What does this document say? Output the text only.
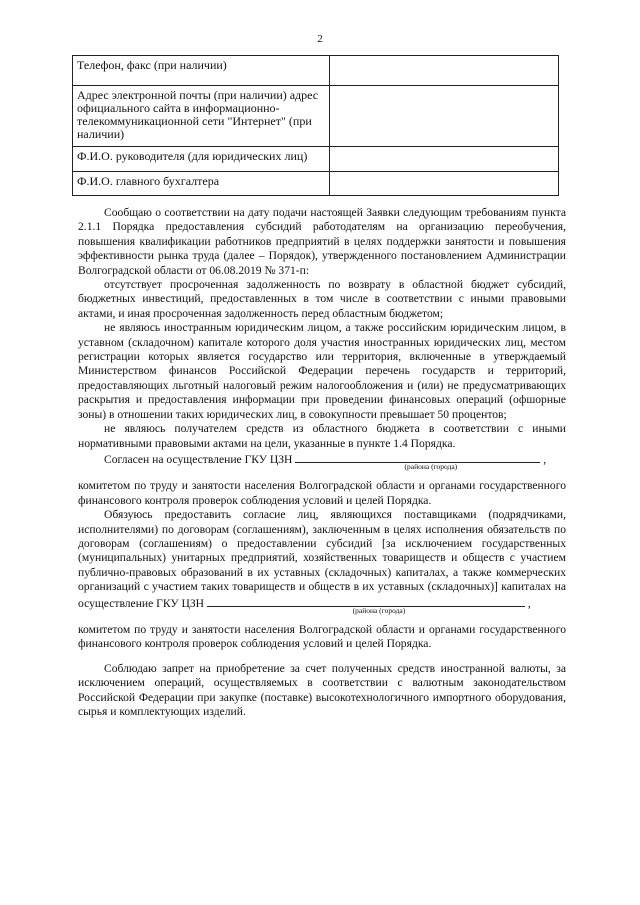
2
Телефон, факс (при наличии)	
Адрес электронной почты (при наличии) адрес официального сайта в информационно-телекоммуникационной сети "Интернет" (при наличии)	
Ф.И.О. руководителя (для юридических лиц)	
Ф.И.О. главного бухгалтера	

Сообщаю о соответствии на дату подачи настоящей Заявки следующим требованиям пункта 2.1.1 Порядка предоставления субсидий работодателям на организацию переобучения, повышения квалификации работников предприятий в целях поддержки занятости и повышения эффективности рынка труда (далее – Порядок), утвержденного постановлением Администрации Волгоградской области от 06.08.2019 № 371-п:

отсутствует просроченная задолженность по возврату в областной бюджет субсидий, бюджетных инвестиций, предоставленных в том числе в соответствии с иными правовыми актами, и иная просроченная задолженность перед областным бюджетом;

не являюсь иностранным юридическим лицом, а также российским юридическим лицом, в уставном (складочном) капитале которого доля участия иностранных юридических лиц, местом регистрации которых является государство или территория, включенные в утверждаемый Министерством финансов Российской Федерации перечень государств и территорий, предоставляющих льготный налоговый режим налогообложения и (или) не предусматривающих раскрытия и предоставления информации при проведении финансовых операций (офшорные зоны) в отношении таких юридических лиц, в совокупности превышает 50 процентов;

не являюсь получателем средств из областного бюджета в соответствии с иными нормативными правовыми актами на цели, указанные в пункте 1.4 Порядка.

Согласен на осуществление ГКУ ЦЗН
(района (города)
,

комитетом по труду и занятости населения Волгоградской области и органами государственного финансового контроля проверок соблюдения условий и целей Порядка.

Обязуюсь предоставить согласие лиц, являющихся поставщиками (подрядчиками, исполнителями) по договорам (соглашениям), заключенным в целях исполнения обязательств по договорам (соглашениям) о предоставлении субсидий [за исключением государственных (муниципальных) унитарных предприятий, хозяйственных товариществ и обществ с участием публично-правовых образований в их уставных (складочных) капиталах, а также коммерческих организаций с участием таких товариществ и обществ в их уставных (складочных)] капиталах на осуществление ГКУ ЦЗН
(района (города)
,

комитетом по труду и занятости населения Волгоградской области и органами государственного финансового контроля проверок соблюдения условий и целей Порядка.

Соблюдаю запрет на приобретение за счет полученных средств иностранной валюты, за исключением операций, осуществляемых в соответствии с валютным законодательством Российской Федерации при закупке (поставке) высокотехнологичного импортного оборудования, сырья и комплектующих изделий.
